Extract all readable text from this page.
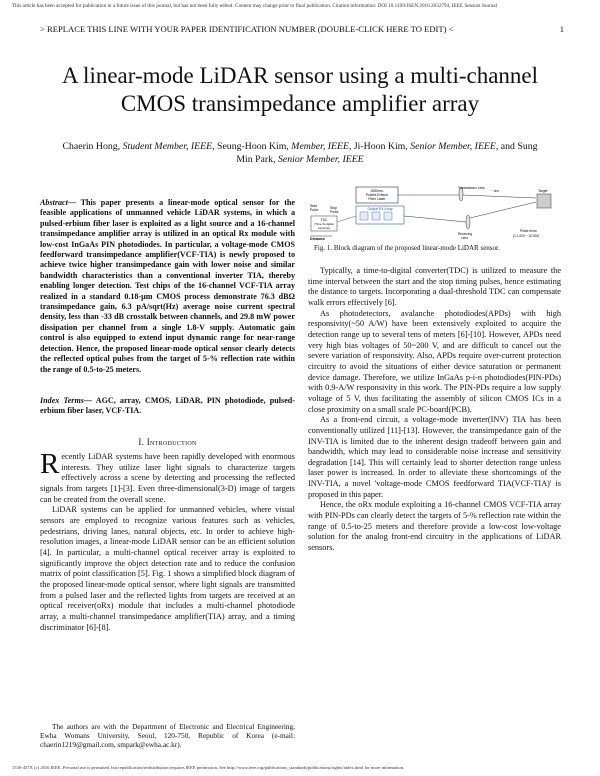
This article has been accepted for publication in a future issue of this journal, but has not been fully edited. Content may change prior to final publication. Citation information: DOI 10.1109/JSEN.2016.2632794, IEEE Sensors Journal
> REPLACE THIS LINE WITH YOUR PAPER IDENTIFICATION NUMBER (DOUBLE-CLICK HERE TO EDIT) <	1
A linear-mode LiDAR sensor using a multi-channel CMOS transimpedance amplifier array
Chaerin Hong, Student Member, IEEE, Seung-Hoon Kim, Member, IEEE, Ji-Hoon Kim, Senior Member, IEEE, and Sung Min Park, Senior Member, IEEE
Abstract— This paper presents a linear-mode optical sensor for the feasible applications of unmanned vehicle LiDAR systems, in which a pulsed-erbium fiber laser is exploited as a light source and a 16-channel transimpedance amplifier array is utilized in an optical Rx module with low-cost InGaAs PIN photodiodes. In particular, a voltage-mode CMOS feedforward transimpedance amplifier(VCF-TIA) is newly proposed to achieve twice higher transimpedance gain with lower noise and similar bandwidth characteristics than a conventional inverter TIA, thereby enabling longer detection. Test chips of the 16-channel VCF-TIA array realized in a standard 0.18-μm CMOS process demonstrate 76.3 dBΩ transimpedance gain, 6.3 pA/sqrt(Hz) average noise current spectral density, less than -33 dB crosstalk between channels, and 29.8 mW power dissipation per channel from a single 1.8-V supply. Automatic gain control is also equipped to extend input dynamic range for near-range detection. Hence, the proposed linear-mode optical sensor clearly detects the reflected optical pulses from the target of 5-% reflection rate within the range of 0.5-to-25 meters.
Index Terms— AGC, array, CMOS, LiDAR, PIN photodiode, pulsed-erbium fiber laser, VCF-TIA.
I. Introduction

Recently LiDAR systems have been rapidly developed with enormous interests. They utilize laser light signals to characterize targets effectively across a scene by detecting and processing the reflected signals from targets [1]-[3]. Even three-dimensional(3-D) image of targets can be created from the overall scene.

LiDAR systems can be applied for unmanned vehicles, where visual sensors are employed to recognize various features such as vehicles, pedestrians, driving lanes, natural objects, etc. In order to achieve high-resolution images, a linear-mode LiDAR sensor can be an efficient solution [4]. In particular, a multi-channel optical receiver array is exploited to significantly improve the object detection rate and to reduce the confusion matrix of point classification [5]. Fig. 1 shows a simplified block diagram of the proposed linear-mode optical sensor, where light signals are transmitted from a pulsed laser and the reflected lights from targets are received at an optical receiver(oRx) module that includes a multi-channel photodiode array, a multi-channel transimpedance amplifier(TIA) array, and a timing discriminator [6]-[8].

The authors are with the Department of Electronic and Electrical Engineering, Ewha Womans University, Seoul, 120-750, Republic of Korea (e-mail: chaerin1219@gmail.com, smpark@ewha.ac.kr).
1550nm-
Pulsed-Erbium
Fiber Laser
Transmission Lens
~ 4ns	Target
Start
Pulse	Stop
Pulse
Optical RX Array
TDC
(Time-To-digital
converter)
Receiving
Lens
Pulse echo
(1:1,000 ~ 10,000)
Distance
Fig. 1. Block diagram of the proposed linear-mode LiDAR sensor.

Typically, a time-to-digital converter(TDC) is utilized to measure the time interval between the start and the stop timing pulses, hence estimating the distance to targets. Incorporating a dual-threshold TDC can compensate walk errors effectively [6].

As photodetectors, avalanche photodiodes(APDs) with high responsivity(~50 A/W) have been extensively exploited to acquire the detection range up to several tens of meters [6]-[10]. However, APDs need very high bias voltages of 50~200 V, and are difficult to cancel out the severe variation of responsivity. Also, APDs require over-current protection circuitry to avoid the situations of either device saturation or permanent device damage. Therefore, we utilize InGaAs p-i-n photodiodes(PIN-PDs) with 0.9-A/W responsivity in this work. The PIN-PDs require a low supply voltage of 5 V, thus facilitating the assembly of silicon CMOS ICs in a close proximity on a small scale PC-board(PCB).

As a front-end circuit, a voltage-mode inverter(INV) TIA has been conventionally utilized [11]-[13]. However, the transimpedance gain of the INV-TIA is limited due to the inherent design tradeoff between gain and bandwidth, which may lead to considerable noise increase and sensitivity degradation [14]. This will certainly lead to shorter detection range unless laser power is increased. In order to alleviate these shortcomings of the INV-TIA, a novel 'voltage-mode CMOS feedforward TIA(VCF-TIA)' is proposed in this paper.

Hence, the oRx module exploiting a 16-channel CMOS VCF-TIA array with PIN-PDs can clearly detect the targets of 5-% reflection rate within the range of 0.5-to-25 meters and therefore provide a low-cost low-voltage solution for the analog front-end circuitry in the applications of LiDAR sensors.

1530-437X (c) 2016 IEEE. Personal use is permitted, but republication/redistribution requires IEEE permission. See http://www.ieee.org/publications_standards/publications/rights/index.html for more information.
